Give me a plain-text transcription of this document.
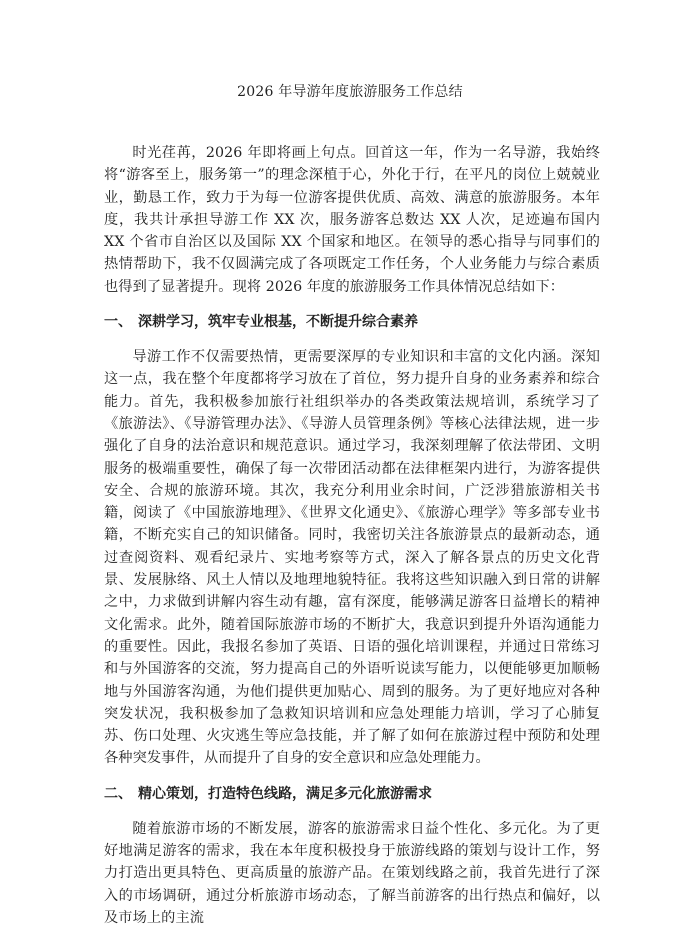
2026 年导游年度旅游服务工作总结

时光荏苒，2026 年即将画上句点。回首这一年，作为一名导游，我始终将“游客至上，服务第一”的理念深植于心，外化于行，在平凡的岗位上兢兢业业，勤恳工作，致力于为每一位游客提供优质、高效、满意的旅游服务。本年度，我共计承担导游工作 XX 次，服务游客总数达 XX 人次，足迹遍布国内 XX 个省市自治区以及国际 XX 个国家和地区。在领导的悉心指导与同事们的热情帮助下，我不仅圆满完成了各项既定工作任务，个人业务能力与综合素质也得到了显著提升。现将 2026 年度的旅游服务工作具体情况总结如下：

一、 深耕学习，筑牢专业根基，不断提升综合素养

导游工作不仅需要热情，更需要深厚的专业知识和丰富的文化内涵。深知这一点，我在整个年度都将学习放在了首位，努力提升自身的业务素养和综合能力。首先，我积极参加旅行社组织举办的各类政策法规培训，系统学习了《旅游法》、《导游管理办法》、《导游人员管理条例》等核心法律法规，进一步强化了自身的法治意识和规范意识。通过学习，我深刻理解了依法带团、文明服务的极端重要性，确保了每一次带团活动都在法律框架内进行，为游客提供安全、合规的旅游环境。其次，我充分利用业余时间，广泛涉猎旅游相关书籍，阅读了《中国旅游地理》、《世界文化通史》、《旅游心理学》等多部专业书籍，不断充实自己的知识储备。同时，我密切关注各旅游景点的最新动态，通过查阅资料、观看纪录片、实地考察等方式，深入了解各景点的历史文化背景、发展脉络、风土人情以及地理地貌特征。我将这些知识融入到日常的讲解之中，力求做到讲解内容生动有趣，富有深度，能够满足游客日益增长的精神文化需求。此外，随着国际旅游市场的不断扩大，我意识到提升外语沟通能力的重要性。因此，我报名参加了英语、日语的强化培训课程，并通过日常练习和与外国游客的交流，努力提高自己的外语听说读写能力，以便能够更加顺畅地与外国游客沟通，为他们提供更加贴心、周到的服务。为了更好地应对各种突发状况，我积极参加了急救知识培训和应急处理能力培训，学习了心肺复苏、伤口处理、火灾逃生等应急技能，并了解了如何在旅游过程中预防和处理各种突发事件，从而提升了自身的安全意识和应急处理能力。

二、 精心策划，打造特色线路，满足多元化旅游需求

随着旅游市场的不断发展，游客的旅游需求日益个性化、多元化。为了更好地满足游客的需求，我在本年度积极投身于旅游线路的策划与设计工作，努力打造出更具特色、更高质量的旅游产品。在策划线路之前，我首先进行了深入的市场调研，通过分析旅游市场动态，了解当前游客的出行热点和偏好，以及市场上的主流
